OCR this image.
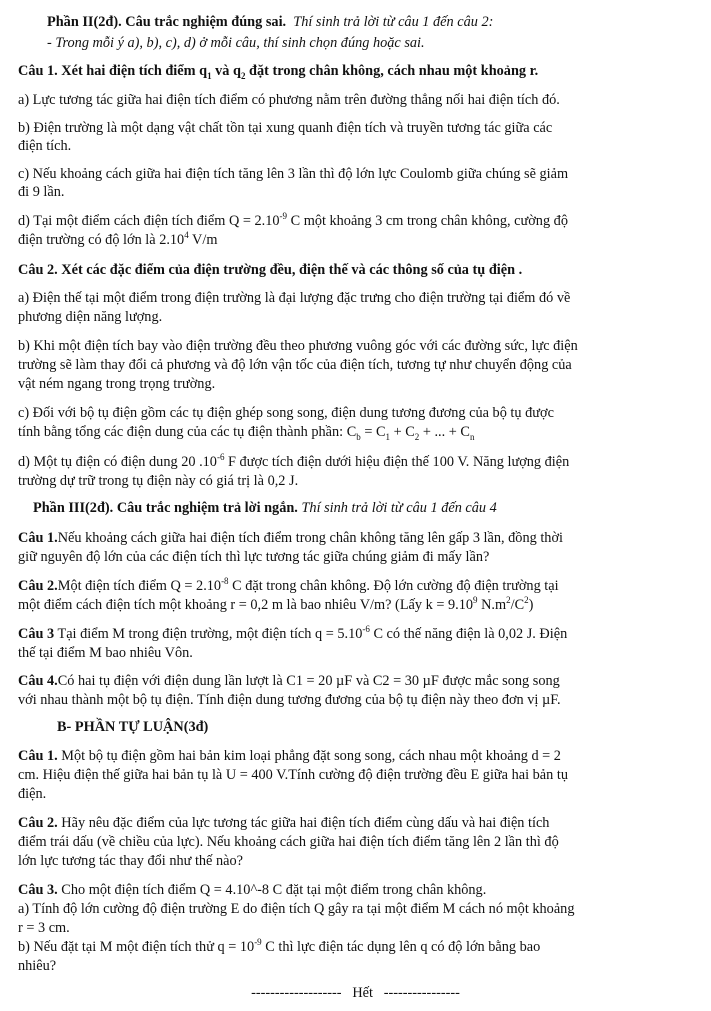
Phần II(2đ). Câu trắc nghiệm đúng sai. Thí sinh trả lời từ câu 1 đến câu 2:
- Trong mỗi ý a), b), c), d) ở mỗi câu, thí sinh chọn đúng hoặc sai.
Câu 1. Xét hai điện tích điểm $q_1$ và $q_2$ đặt trong chân không, cách nhau một khoảng r.
a) Lực tương tác giữa hai điện tích điểm có phương nằm trên đường thẳng nối hai điện tích đó.
b) Điện trường là một dạng vật chất tồn tại xung quanh điện tích và truyền tương tác giữa các
điện tích.
c) Nếu khoảng cách giữa hai điện tích tăng lên 3 lần thì độ lớn lực Coulomb giữa chúng sẽ giảm
đi 9 lần.
d) Tại một điểm cách điện tích điểm $Q = 2.10^{-9}$ C một khoảng 3 cm trong chân không, cường độ
điện trường có độ lớn là 2.10$^4$ V/m
Câu 2. Xét các đặc điểm của điện trường đều, điện thế và các thông số của tụ điện .
a) Điện thế tại một điểm trong điện trường là đại lượng đặc trưng cho điện trường tại điểm đó về
phương diện năng lượng.
b) Khi một điện tích bay vào điện trường đều theo phương vuông góc với các đường sức, lực điện
trường sẽ làm thay đổi cả phương và độ lớn vận tốc của điện tích, tương tự như chuyển động của
vật ném ngang trong trọng trường.
c) Đối với bộ tụ điện gồm các tụ điện ghép song song, điện dung tương đương của bộ tụ được
tính bằng tổng các điện dung của các tụ điện thành phần: $C_b = C_1 + C_2$ + ... + $C_n$
d) Một tụ điện có điện dung 20 $.10^{-6}$ F được tích điện dưới hiệu điện thế 100 V. Năng lượng điện
trường dự trữ trong tụ điện này có giá trị là 0,2 J.
Phần III(2đ). Câu trắc nghiệm trả lời ngắn. Thí sinh trả lời từ câu 1 đến câu 4
Câu 1.Nếu khoảng cách giữa hai điện tích điểm trong chân không tăng lên gấp 3 lần, đồng thời
giữ nguyên độ lớn của các điện tích thì lực tương tác giữa chúng giảm đi mấy lần?
Câu 2.Một điện tích điểm $Q = 2.10^{-8}$ C đặt trong chân không. Độ lớn cường độ điện trường tại
một điểm cách điện tích một khoảng r = 0,2 m là bao nhiêu V/m? (Lấy $k = 9.10^9$ $N.m^2/C^2$)
Câu 3 Tại điểm M trong điện trường, một điện tích $q = 5.10^{-6}$ C có thế năng điện là 0,02 J. Điện
thế tại điểm M bao nhiêu Vôn.
Câu 4.Có hai tụ điện với điện dung lần lượt là C1 = 20 µF và C2 = 30 µF được mắc song song
với nhau thành một bộ tụ điện. Tính điện dung tương đương của bộ tụ điện này theo đơn vị µF.
B- PHẦN TỰ LUẬN(3đ)
Câu 1. Một bộ tụ điện gồm hai bản kim loại phẳng đặt song song, cách nhau một khoảng d = 2
cm. Hiệu điện thế giữa hai bản tụ là U = 400 V.Tính cường độ điện trường đều E giữa hai bản tụ
điện.
Câu 2. Hãy nêu đặc điểm của lực tương tác giữa hai điện tích điểm cùng dấu và hai điện tích
điểm trái dấu (về chiều của lực). Nếu khoảng cách giữa hai điện tích điểm tăng lên 2 lần thì độ
lớn lực tương tác thay đổi như thế nào?
Câu 3. Cho một điện tích điểm Q = 4.10^-8 C đặt tại một điểm trong chân không.
a) Tính độ lớn cường độ điện trường E do điện tích Q gây ra tại một điểm M cách nó một khoảng
r = 3 cm.
b) Nếu đặt tại M một điện tích thử $q = 10^{-9}$ C thì lực điện tác dụng lên q có độ lớn bằng bao
nhiêu?
------------------- Hết ----------------
